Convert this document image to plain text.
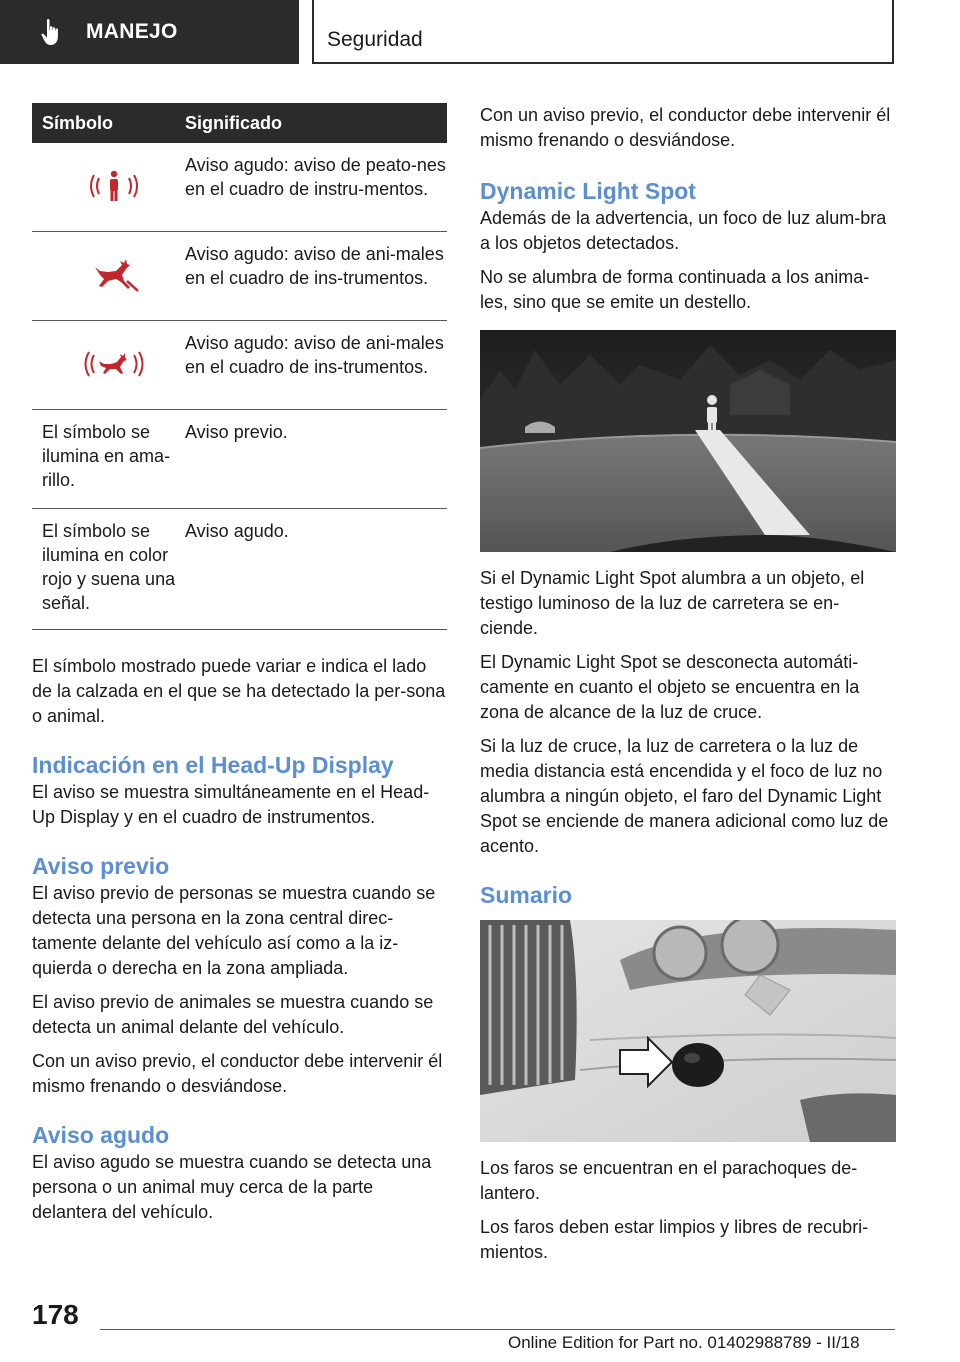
MANEJO	Seguridad
Símbolo	Significado

	Aviso agudo: aviso de peato-nes en el cuadro de instru-mentos.

	Aviso agudo: aviso de ani-males en el cuadro de ins-trumentos.

	Aviso agudo: aviso de ani-males en el cuadro de ins-trumentos.
El símbolo se ilumina en ama-rillo.	Aviso previo.
El símbolo se ilumina en color rojo y suena una señal.	Aviso agudo.

El símbolo mostrado puede variar e indica el lado de la calzada en el que se ha detectado la per-sona o animal.

Indicación en el Head-Up Display

El aviso se muestra simultáneamente en el Head-Up Display y en el cuadro de instrumentos.

Aviso previo

El aviso previo de personas se muestra cuando se detecta una persona en la zona central direc-tamente delante del vehículo así como a la iz-quierda o derecha en la zona ampliada.

El aviso previo de animales se muestra cuando se detecta un animal delante del vehículo.

Con un aviso previo, el conductor debe intervenir él mismo frenando o desviándose.

Aviso agudo

El aviso agudo se muestra cuando se detecta una persona o un animal muy cerca de la parte delantera del vehículo.

Con un aviso previo, el conductor debe intervenir él mismo frenando o desviándose.

Dynamic Light Spot

Además de la advertencia, un foco de luz alum-bra a los objetos detectados.

No se alumbra de forma continuada a los anima-les, sino que se emite un destello.

Si el Dynamic Light Spot alumbra a un objeto, el testigo luminoso de la luz de carretera se en-ciende.

El Dynamic Light Spot se desconecta automáti-camente en cuanto el objeto se encuentra en la zona de alcance de la luz de cruce.

Si la luz de cruce, la luz de carretera o la luz de media distancia está encendida y el foco de luz no alumbra a ningún objeto, el faro del Dynamic Light Spot se enciende de manera adicional como luz de acento.

Sumario

Los faros se encuentran en el parachoques de-lantero.

Los faros deben estar limpios y libres de recubri-mientos.

178
Online Edition for Part no. 01402988789 - II/18
